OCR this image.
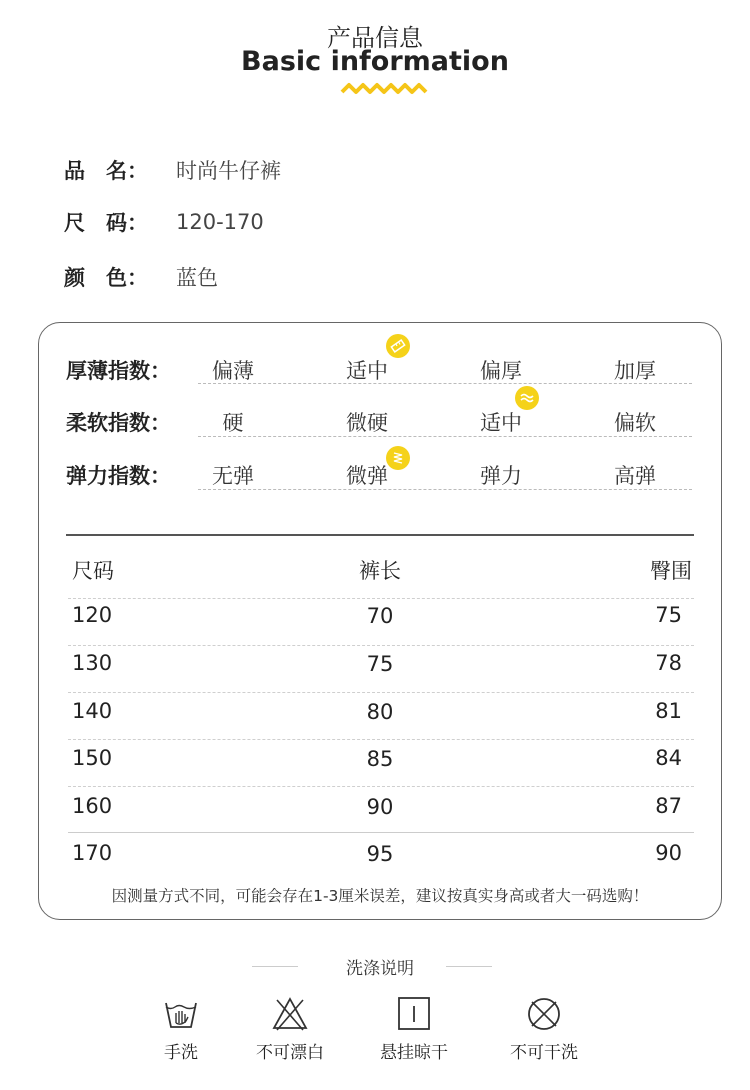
产品信息
Basic information
品　名：	时尚牛仔裤
尺　码：	120-170
颜　色：	蓝色
厚薄指数：	偏薄	适中	偏厚	加厚
柔软指数：	硬	微硬	适中	偏软
弹力指数：	无弹	微弹	弹力	高弹
尺码	裤长	臀围
120	70	75
130	75	78
140	80	81
150	85	84
160	90	87
170	95	90
因测量方式不同，可能会存在1-3厘米误差，建议按真实身高或者大一码选购！
洗涤说明
手洗	不可漂白	悬挂晾干	不可干洗
